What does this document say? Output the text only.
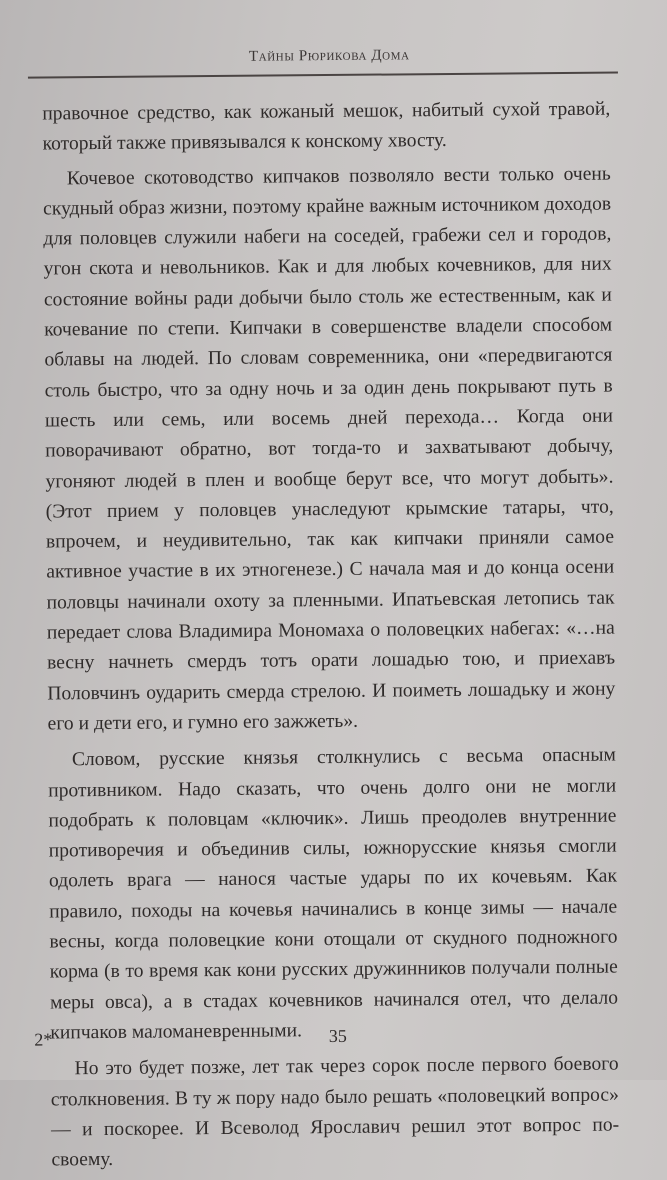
Тайны Рюрикова Дома

правочное средство, как кожаный мешок, набитый сухой травой, который также привязывался к конскому хвосту.

Кочевое скотоводство кипчаков позволяло вести только очень скудный образ жизни, поэтому крайне важным источником доходов для половцев служили набеги на соседей, грабежи сел и городов, угон скота и невольников. Как и для любых кочевников, для них состояние войны ради добычи было столь же естественным, как и кочевание по степи. Кипчаки в совершенстве владели способом облавы на людей. По словам современника, они «передвигаются столь быстро, что за одну ночь и за один день покрывают путь в шесть или семь, или восемь дней перехода… Когда они поворачивают обратно, вот тогда-то и захватывают добычу, угоняют людей в плен и вообще берут все, что могут добыть». (Этот прием у половцев унаследуют крымские татары, что, впрочем, и неудивительно, так как кипчаки приняли самое активное участие в их этногенезе.) С начала мая и до конца осени половцы начинали охоту за пленными. Ипатьевская летопись так передает слова Владимира Мономаха о половецких набегах: «…на весну начнеть смердъ тотъ орати лошадью тою, и приехавъ Половчинъ оударить смерда стрелою. И поиметь лошадьку и жону его и дети его, и гумно его зажжеть».

Словом, русские князья столкнулись с весьма опасным противником. Надо сказать, что очень долго они не могли подобрать к половцам «ключик». Лишь преодолев внутренние противоречия и объединив силы, южнорусские князья смогли одолеть врага — нанося частые удары по их кочевьям. Как правило, походы на кочевья начинались в конце зимы — начале весны, когда половецкие кони отощали от скудного подножного корма (в то время как кони русских дружинников получали полные меры овса), а в стадах кочевников начинался отел, что делало кипчаков маломаневренными.

Но это будет позже, лет так через сорок после первого боевого столкновения. В ту ж пору надо было решать «половецкий вопрос» — и поскорее. И Всеволод Ярославич решил этот вопрос по-своему.

2*	35
